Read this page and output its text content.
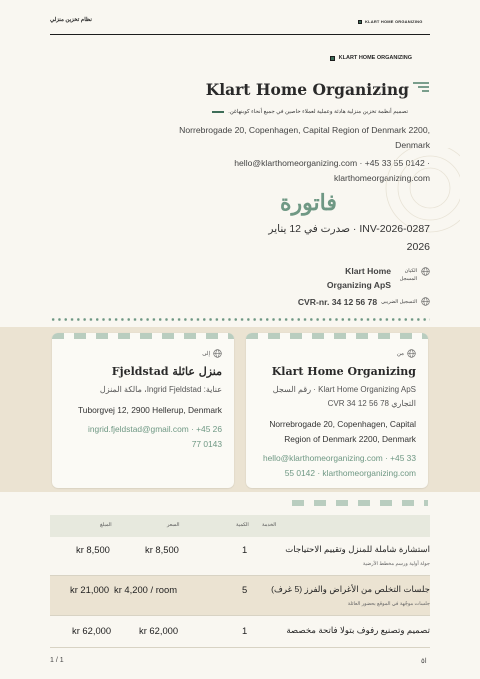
نظام تخزين منزلي	KLART HOME ORGANIZING
KLART HOME ORGANIZING
Klart Home Organizing
تصميم أنظمة تخزين منزلية هادئة وعملية لعملاء خاصين في جميع أنحاء كوبنهاغن.
Norrebrogade 20, Copenhagen, Capital Region of Denmark 2200, Denmark
hello@klarthomeorganizing.com · +45 33 55 0142 · klarthomeorganizing.com
فاتورة
INV-2026-0287 · صدرت في 12 يناير 2026
الكيان المسجل
Klart Home Organizing ApS
التسجيل الضريبي
CVR-nr. 34 12 56 78
من
Klart Home Organizing
Klart Home Organizing ApS · رقم السجل التجاري CVR 34 12 56 78
Norrebrogade 20, Copenhagen, Capital Region of Denmark 2200, Denmark
hello@klarthomeorganizing.com · +45 33 55 0142 · klarthomeorganizing.com
إلى
منزل عائلة Fjeldstad
عناية: Ingrid Fjeldstad، مالكة المنزل
Tuborgvej 12, 2900 Hellerup, Denmark
ingrid.fjeldstad@gmail.com · +45 26 77 0143
الخدمة
الكمية
السعر
المبلغ
استشارة شاملة للمنزل وتقييم الاحتياجات
جولة أولية ورسم مخطط الأرضية
1
kr 8,500
kr 8,500
جلسات التخلص من الأغراض والفرز (5 غرف)
جلسات موجّهة في الموقع بحضور العائلة
5
kr 4,200 / room
kr 21,000
تصميم وتصنيع رفوف بتولا فاتحة مخصصة
1
kr 62,000
kr 62,000
1 / 1	ا٥
